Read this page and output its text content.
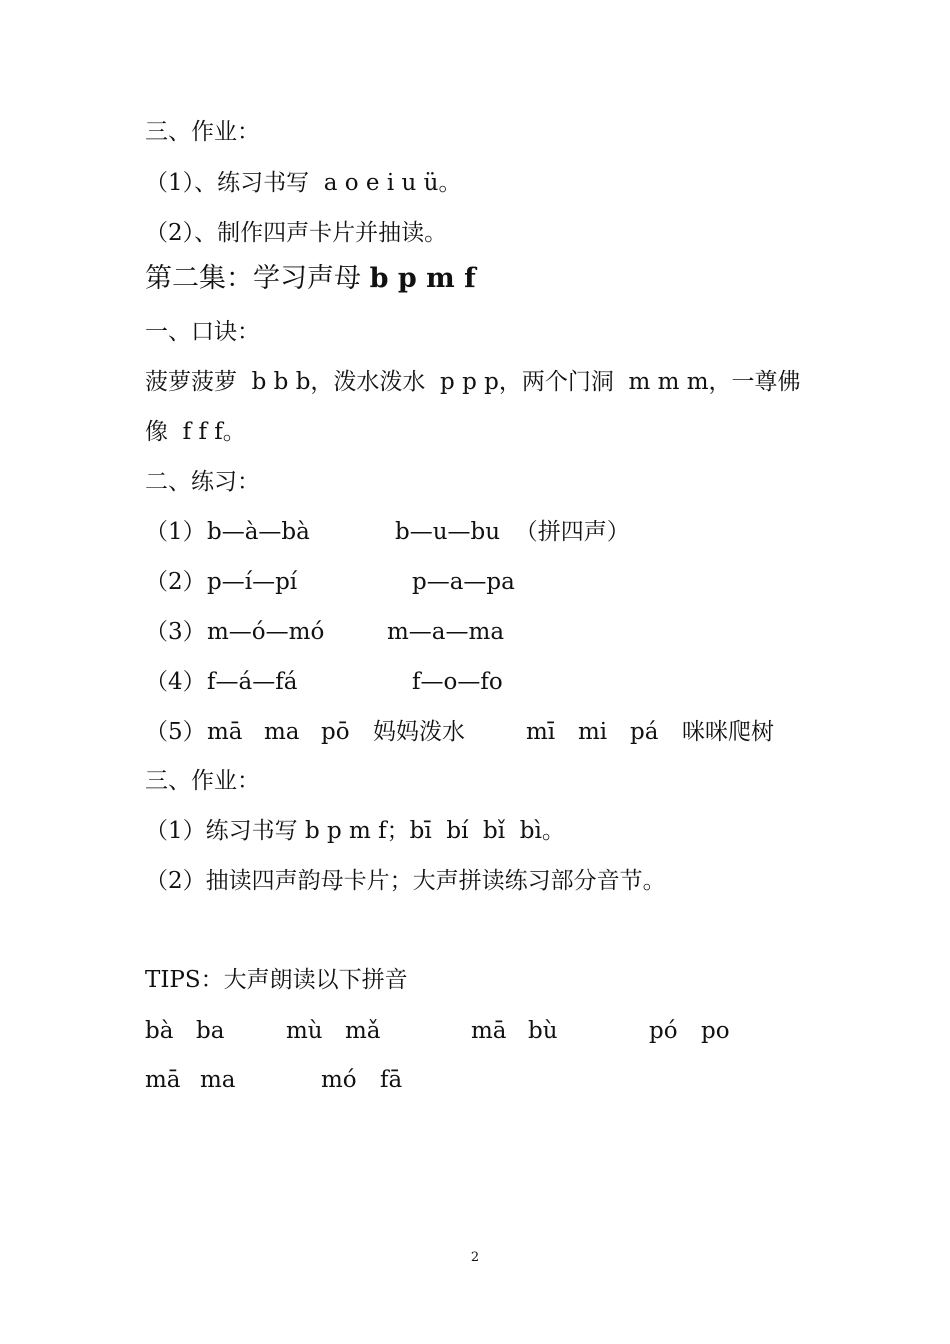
三、作业：
（1）、练习书写  a o e i u ü。
（2）、制作四声卡片并抽读。
第二集：学习声母 b p m f
一、口诀：
菠萝菠萝  b b b，泼水泼水  p p p，两个门洞  m m m，一尊佛
像  f f f。
二、练习：
（1） b—à—bà	b—u—bu  （拼四声）
（2） p—í—pí	p—a—pa
（3） m—ó—mó	m—a—ma
（4） f—á—fá	f—o—fo
（5） mā ma pō 妈妈泼水	mī mi pá 咪咪爬树
三、作业：
（1）练习书写 b p m f；bī  bí  bǐ  bì。
（2）抽读四声韵母卡片；大声拼读练习部分音节。
TIPS：大声朗读以下拼音
bà ba	mù mǎ	mā bù	pó po
mā ma	mó fā
2
